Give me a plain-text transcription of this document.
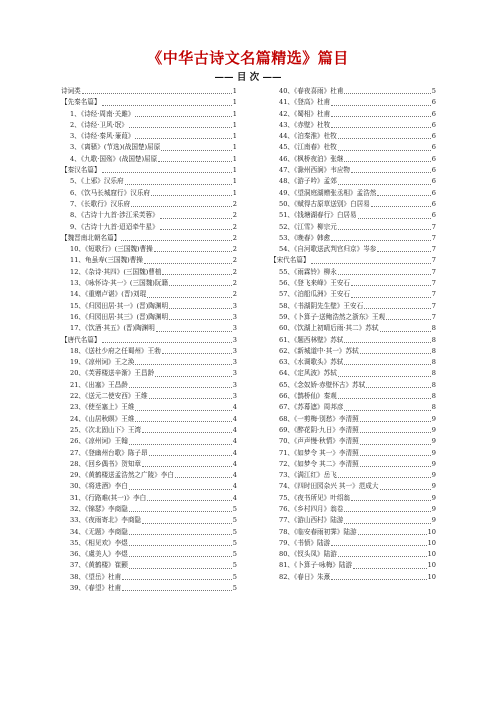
《中华古诗文名篇精选》篇目
—— 目 次 ——
诗词类	1
【先秦名篇】	1
1、《诗经·周南·关雎》	1
2、《诗经·卫风·氓》	1
3、《诗经·秦风·蒹葭》	1
3、《离骚》(节选)(战国楚)屈原	1
4、《九歌·国殇》(战国楚)屈原	1
【秦汉名篇】	1
5、《上邪》汉乐府	1
6、《饮马长城窟行》汉乐府	1
7、《长歌行》汉乐府	2
8、《古诗十九首·涉江采芙蓉》	2
9、《古诗十九首·迢迢牵牛星》	2
【魏晋南北朝名篇】	2
10、《短歌行》(三国魏)曹操	2
11、龟虽寿(三国魏)曹操	2
12、《杂诗·其四》(三国魏)曹植	2
13、《咏怀诗·其一》(三国魏)阮籍	2
14、《重赠卢谌》(晋)刘琨	2
15、《归园田居·其一》(晋)陶渊明	3
16、《归园田居·其三》(晋)陶渊明	3
17、《饮酒·其五》(晋)陶渊明	3
【唐代名篇】	3
18、《送杜少府之任蜀州》王勃	3
19、《凉州词》王之涣	3
20、《芙蓉楼送辛渐》王昌龄	3
21、《出塞》王昌龄	3
22、《送元二使安西》王维	3
23、《使至塞上》王维	4
24、《山居秋暝》王维	4
25、《次北固山下》王湾	4
26、《凉州词》王翰	4
27、《登幽州台歌》陈子昂	4
28、《回乡偶书》贺知章	4
29、《黄鹤楼送孟浩然之广陵》李白	4
30、《将进酒》李白	4
31、《行路难(其一)》李白	4
32、《锦瑟》李商隐	5
33、《夜雨寄北》李商隐	5
34、《无题》李商隐	5
35、《相见欢》李煜	5
36、《虞美人》李煜	5
37、《黄鹤楼》崔颢	5
38、《望岳》杜甫	5
39、《春望》杜甫	5
40、《春夜喜雨》杜甫	5
41、《登高》杜甫	6
42、《蜀相》杜甫	6
43、《赤壁》杜牧	6
44、《泊秦淮》杜牧	6
45、《江南春》杜牧	6
46、《枫桥夜泊》张继	6
47、《滁州西涧》韦应物	6
48、《游子吟》孟郊	6
49、《望洞庭湖赠张丞相》孟浩然	6
50、《赋得古原草送别》白居易	6
51、《钱塘湖春行》白居易	6
52、《江雪》柳宗元	7
53、《晚春》韩愈	7
54、《自河歌送武判官归京》岑参	7
【宋代名篇】	7
55、《雨霖铃》柳永	7
56、《登飞来峰》王安石	7
57、《泊船瓜洲》王安石	7
58、《书湖阴先生壁》王安石	7
59、《卜算子·送鲍浩然之浙东》王观	7
60、《饮湖上初晴后雨·其二》苏轼	8
61、《题西林壁》苏轼	8
62、《新城道中·其一》苏轼	8
63、《水调歌头》苏轼	8
64、《定风波》苏轼	8
65、《念奴娇·赤壁怀古》苏轼	8
66、《鹊桥仙》秦观	8
67、《苏幕遮》周邦彦	8
68、《一剪梅·别愁》李清照	9
69、《醉花阴·九日》李清照	9
70、《声声慢·秋情》李清照	9
71、《如梦令 其一》李清照	9
72、《如梦令 其二》李清照	9
73、《满江红》岳飞	9
74、《四时田园杂兴 其一》范成大	9
75、《夜书所见》叶绍翁	9
76、《乡村四月》翁卷	9
77、《游山西村》陆游	9
78、《临安春雨初霁》陆游	10
79、《书愤》陆游	10
80、《钗头凤》陆游	10
81、《卜算子·咏梅》陆游	10
82、《春日》朱熹	10
